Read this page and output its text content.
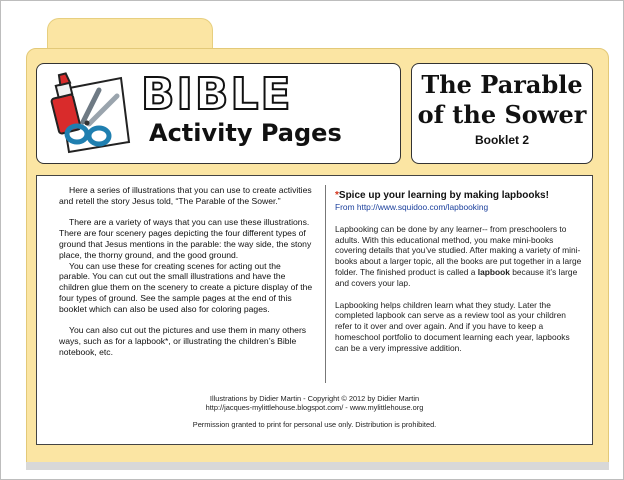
BIBLE
Activity Pages

The Parable
of the Sower

Booklet 2

Here a series of illustrations that you can use to create activities and retell the story Jesus told, “The Parable of the Sower.”

There are a variety of ways that you can use these illustrations. There are four scenery pages depicting the four different types of ground that Jesus mentions in the parable: the way side, the stony place, the thorny ground, and the good ground.

You can use these for creating scenes for acting out the parable. You can cut out the small illustrations and have the children glue them on the scenery to create a picture display of the four types of ground. See the sample pages at the end of this booklet which can also be used also for coloring pages.

You can also cut out the pictures and use them in many others ways, such as for a lapbook*, or illustrating the children’s Bible notebook, etc.

*Spice up your learning by making lapbooks!

From http://www.squidoo.com/lapbooking

Lapbooking can be done by any learner-- from preschoolers to adults. With this educational method, you make mini-books covering details that you’ve studied. After making a variety of mini-books about a larger topic, all the books are put together in a large folder. The finished product is called a lapbook because it’s large and covers your lap.

Lapbooking helps children learn what they study. Later the completed lapbook can serve as a review tool as your children refer to it over and over again. And if you have to keep a homeschool portfolio to document learning each year, lapbooks can be a very impressive addition.

Illustrations by Didier Martin - Copyright © 2012 by Didier Martin

http://jacques-mylittlehouse.blogspot.com/ - www.mylittlehouse.org

Permission granted to print for personal use only. Distribution is prohibited.
